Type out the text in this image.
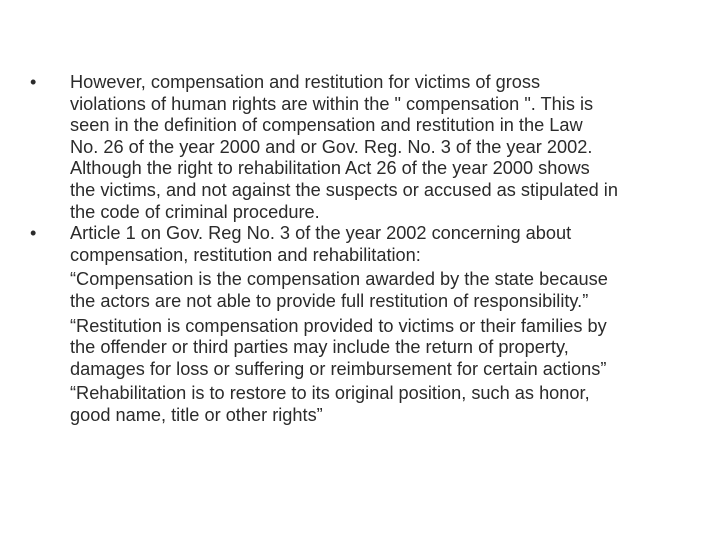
•	However, compensation and restitution for victims of gross
violations of human rights are within the " compensation ". This is
seen in the definition of compensation and restitution in the Law
No. 26 of the year 2000 and or Gov. Reg. No. 3 of the year 2002.
Although the right to rehabilitation Act 26 of the year 2000 shows
the victims, and not against the suspects or accused as stipulated in
the code of criminal procedure.
•	Article 1 on Gov. Reg No. 3 of the year 2002 concerning about
compensation, restitution and rehabilitation:
“Compensation is the compensation awarded by the state because
the actors are not able to provide full restitution of responsibility.”
“Restitution is compensation provided to victims or their families by
the offender or third parties may include the return of property,
damages for loss or suffering or reimbursement for certain actions”
“Rehabilitation is to restore to its original position, such as honor,
good name, title or other rights”
